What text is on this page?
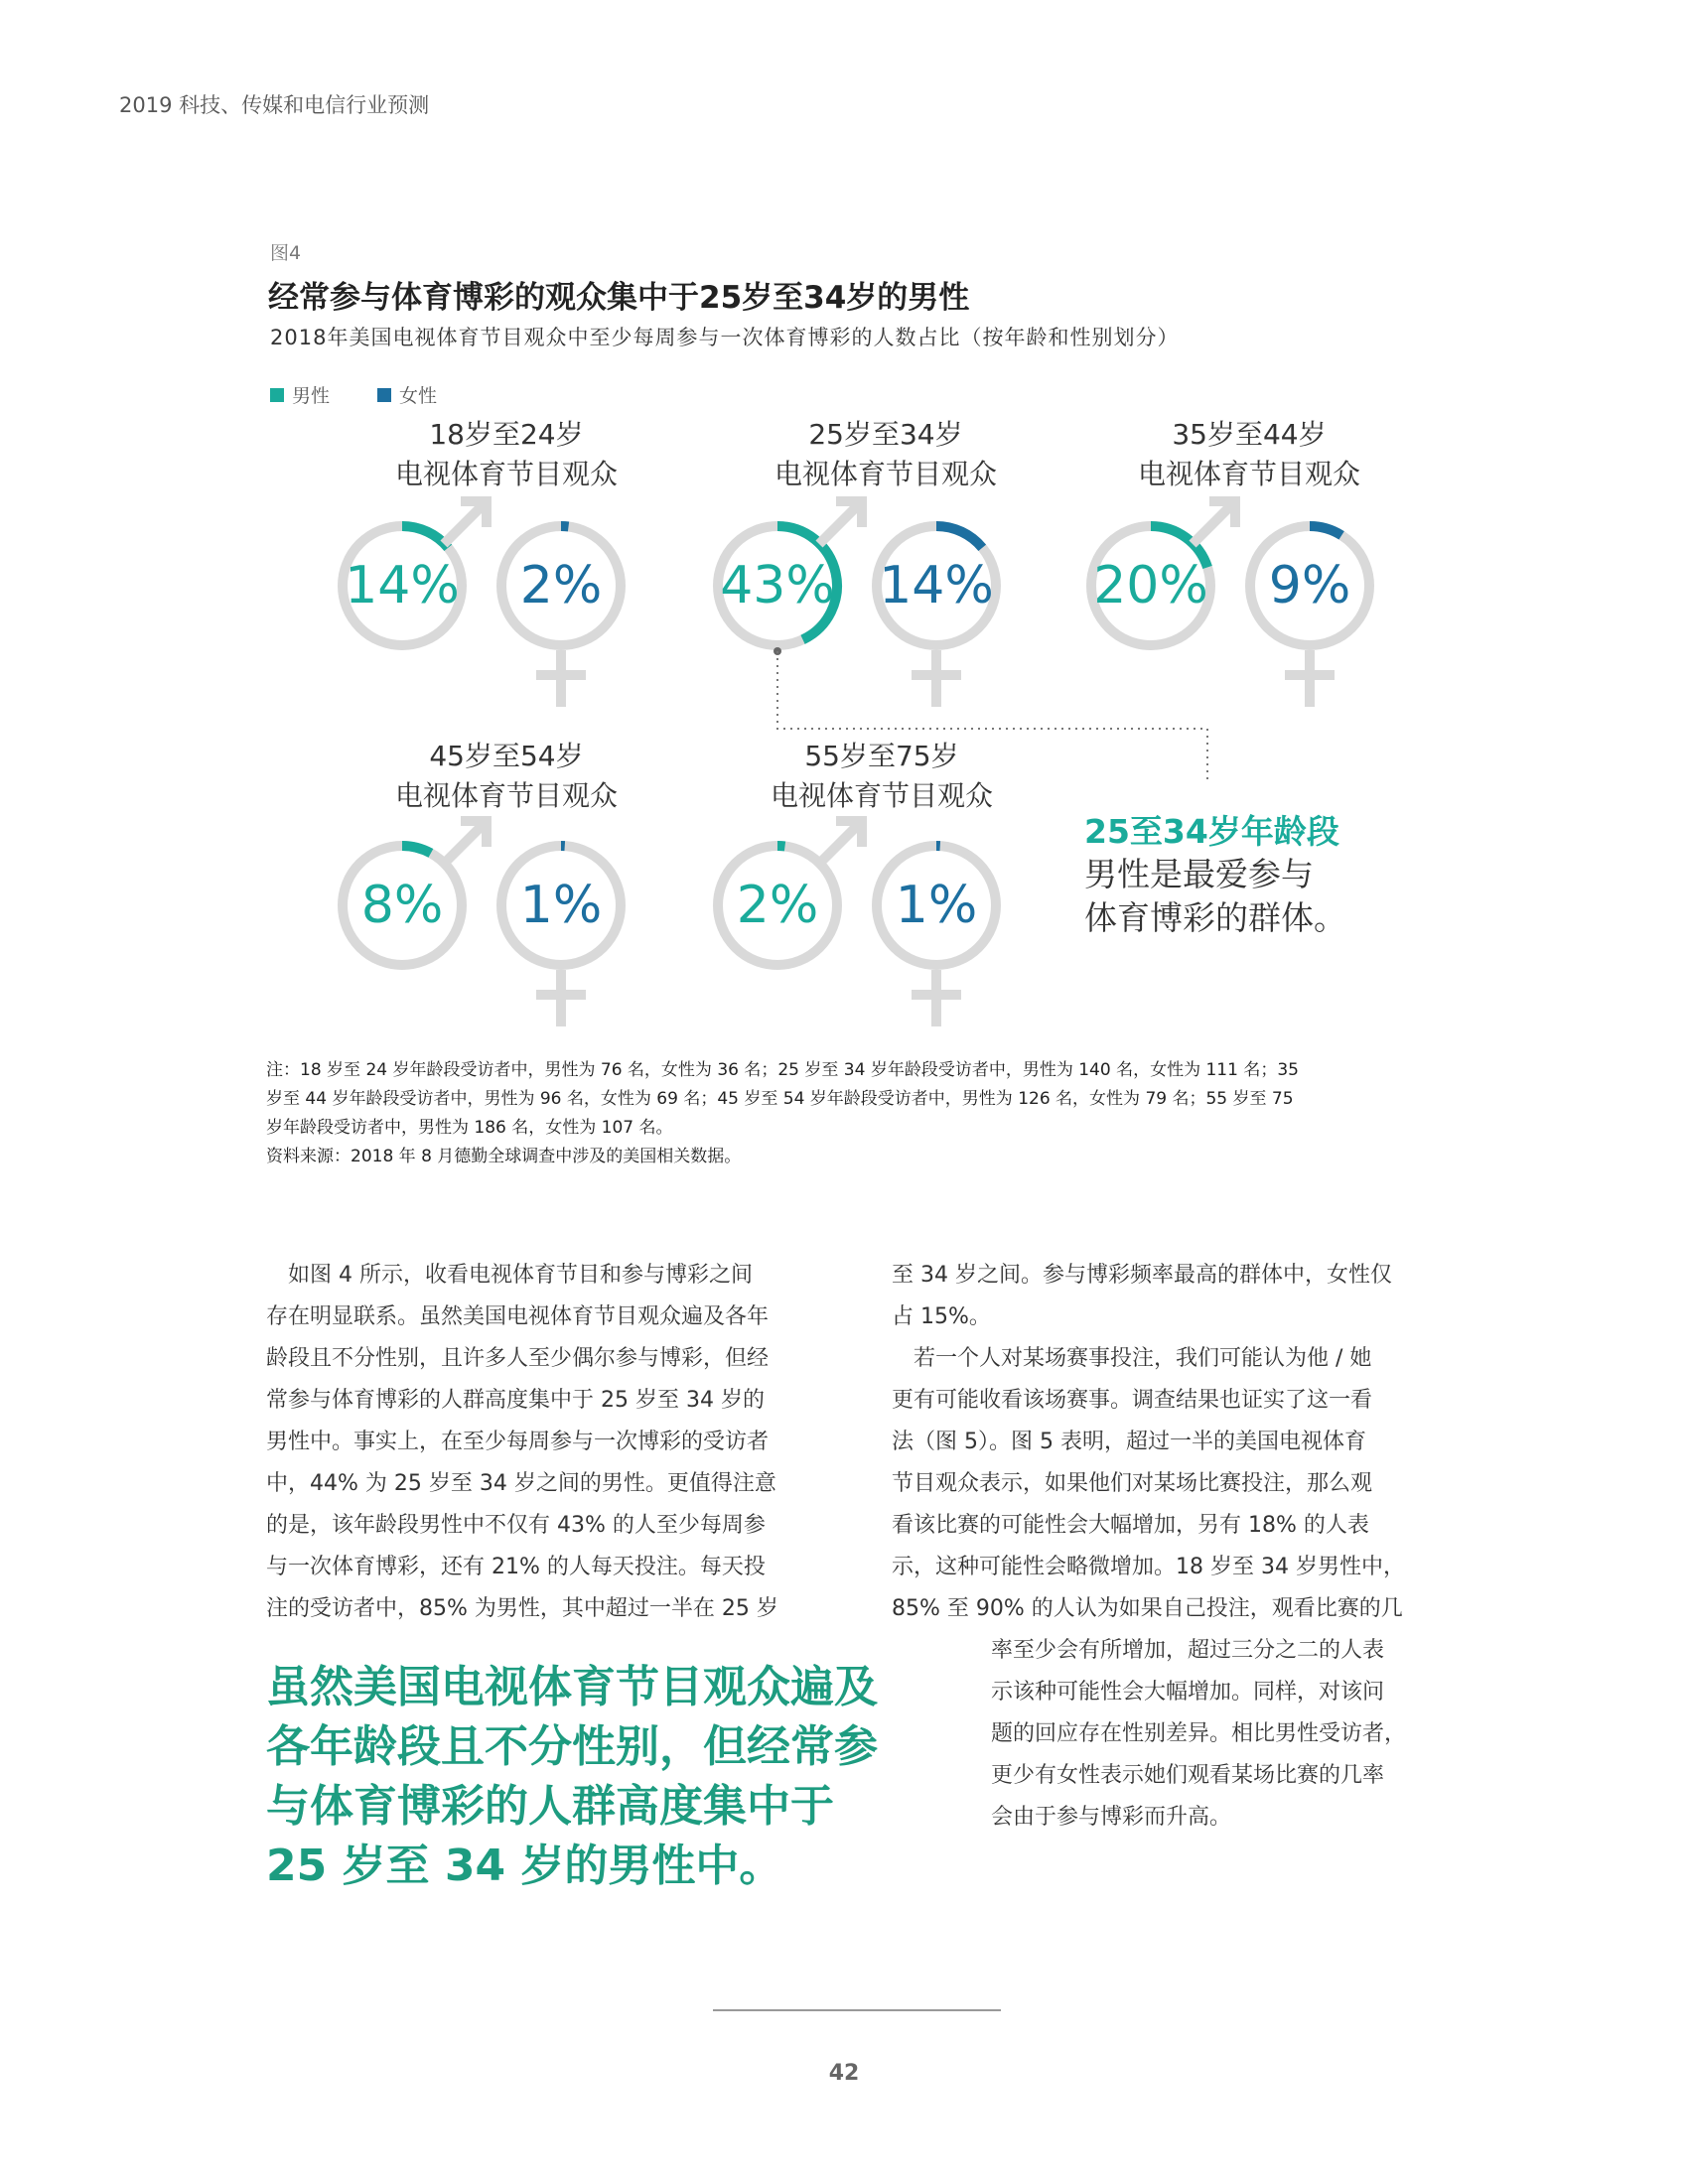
2019 科技、传媒和电信行业预测
图4
经常参与体育博彩的观众集中于25岁至34岁的男性
2018年美国电视体育节目观众中至少每周参与一次体育博彩的人数占比（按年龄和性别划分）
男性	女性
18岁至24岁
电视体育节目观众
25岁至34岁
电视体育节目观众
35岁至44岁
电视体育节目观众
45岁至54岁
电视体育节目观众
55岁至75岁
电视体育节目观众
14%	2%	43% 14% 20%	9%
8%	1%	2%	1%
25至34岁年龄段
男性是最爱参与
体育博彩的群体。

注：18 岁至 24 岁年龄段受访者中，男性为 76 名，女性为 36 名；25 岁至 34 岁年龄段受访者中，男性为 140 名，女性为 111 名；35

岁至 44 岁年龄段受访者中，男性为 96 名，女性为 69 名；45 岁至 54 岁年龄段受访者中，男性为 126 名，女性为 79 名；55 岁至 75

岁年龄段受访者中，男性为 186 名，女性为 107 名。

资料来源：2018 年 8 月德勤全球调查中涉及的美国相关数据。

　如图 4 所示，收看电视体育节目和参与博彩之间

存在明显联系。虽然美国电视体育节目观众遍及各年

龄段且不分性别，且许多人至少偶尔参与博彩，但经

常参与体育博彩的人群高度集中于 25 岁至 34 岁的

男性中。事实上，在至少每周参与一次博彩的受访者

中，44% 为 25 岁至 34 岁之间的男性。更值得注意

的是，该年龄段男性中不仅有 43% 的人至少每周参

与一次体育博彩，还有 21% 的人每天投注。每天投

注的受访者中，85% 为男性，其中超过一半在 25 岁

至 34 岁之间。参与博彩频率最高的群体中，女性仅

占 15%。

　若一个人对某场赛事投注，我们可能认为他 / 她

更有可能收看该场赛事。调查结果也证实了这一看

法（图 5）。图 5 表明，超过一半的美国电视体育

节目观众表示，如果他们对某场比赛投注，那么观

看该比赛的可能性会大幅增加，另有 18% 的人表

示，这种可能性会略微增加。18 岁至 34 岁男性中，

85% 至 90% 的人认为如果自己投注，观看比赛的几

率至少会有所增加，超过三分之二的人表

示该种可能性会大幅增加。同样，对该问

题的回应存在性别差异。相比男性受访者，

更少有女性表示她们观看某场比赛的几率

会由于参与博彩而升高。

虽然美国电视体育节目观众遍及

各年龄段且不分性别，但经常参

与体育博彩的人群高度集中于

25 岁至 34 岁的男性中。

42
